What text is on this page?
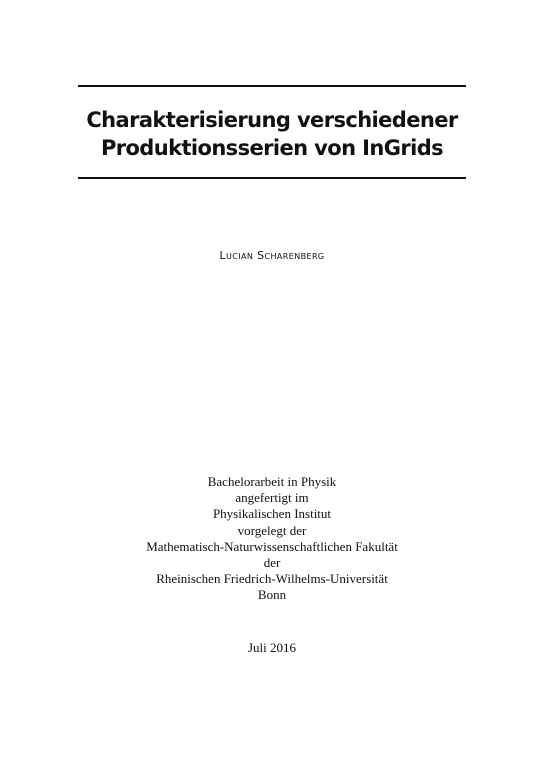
Charakterisierung verschiedener
Produktionsserien von InGrids
Lucian Scharenberg
Bachelorarbeit in Physik
angefertigt im
Physikalischen Institut
vorgelegt der
Mathematisch-Naturwissenschaftlichen Fakultät
der
Rheinischen Friedrich-Wilhelms-Universität
Bonn
Juli 2016
